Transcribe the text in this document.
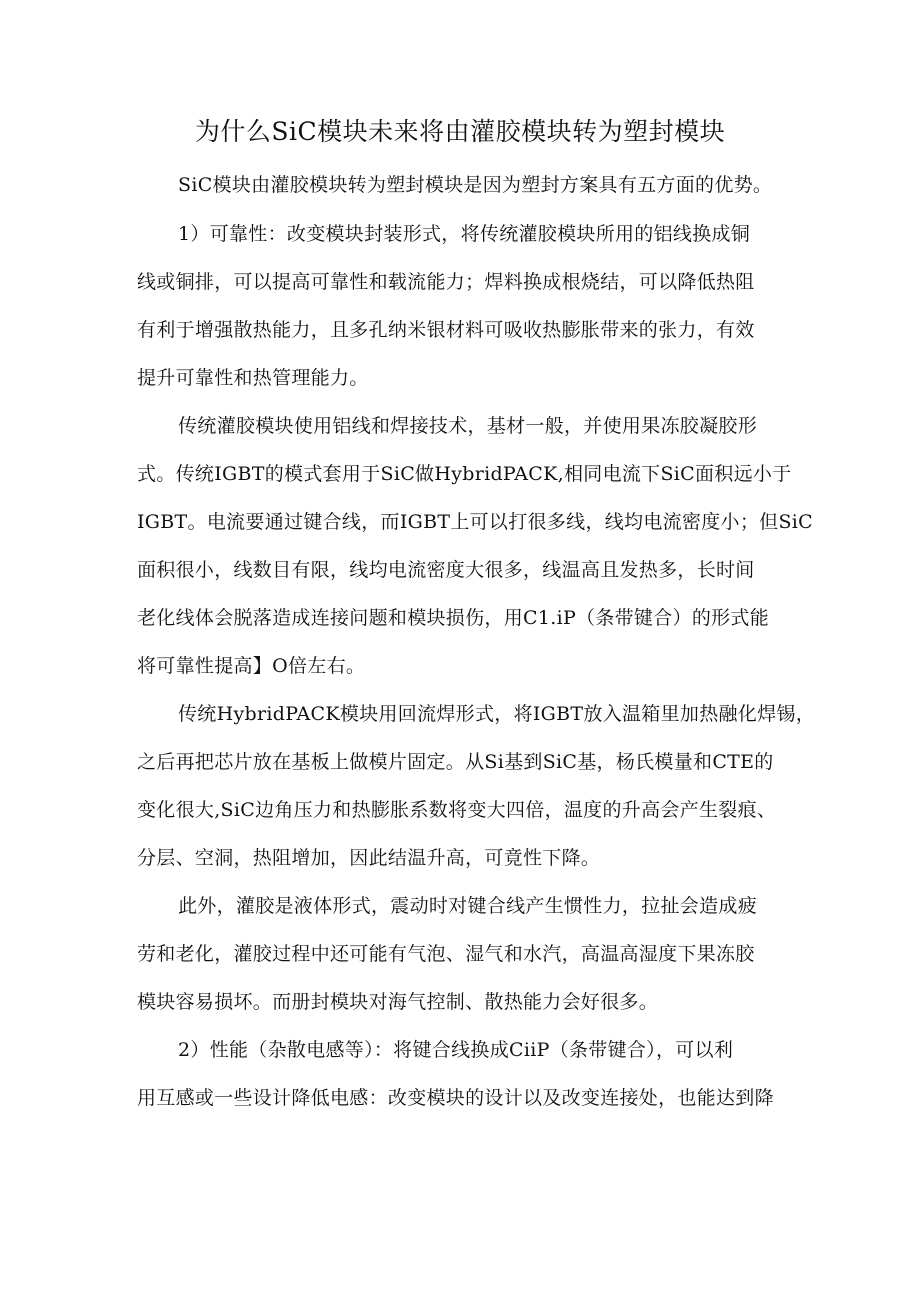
为什么SiC模块未来将由灌胶模块转为塑封模块
SiC模块由灌胶模块转为塑封模块是因为塑封方案具有五方面的优势。
1）可靠性：改变模块封装形式，将传统灌胶模块所用的铝线换成铜
线或铜排，可以提高可靠性和载流能力；焊料换成根烧结，可以降低热阻
有利于增强散热能力，且多孔纳米银材料可吸收热膨胀带来的张力，有效
提升可靠性和热管理能力。
传统灌胶模块使用铝线和焊接技术，基材一般，并使用果冻胶凝胶形
式。传统IGBT的模式套用于SiC做HybridPACK,相同电流下SiC面积远小于
IGBT。电流要通过键合线，而IGBT上可以打很多线，线均电流密度小；但SiC
面积很小，线数目有限，线均电流密度大很多，线温高且发热多，长时间
老化线体会脱落造成连接问题和模块损伤，用C1.iP（条带键合）的形式能
将可靠性提高】O倍左右。
传统HybridPACK模块用回流焊形式，将IGBT放入温箱里加热融化焊锡，
之后再把芯片放在基板上做模片固定。从Si基到SiC基，杨氏模量和CTE的
变化很大,SiC边角压力和热膨胀系数将变大四倍，温度的升高会产生裂痕、
分层、空洞，热阻增加，因此结温升高，可竟性下降。
此外，灌胶是液体形式，震动时对键合线产生惯性力，拉扯会造成疲
劳和老化，灌胶过程中还可能有气泡、湿气和水汽，高温高湿度下果冻胶
模块容易损坏。而册封模块对海气控制、散热能力会好很多。
2）性能（杂散电感等）：将键合线换成CiiP（条带键合），可以利
用互感或一些设计降低电感：改变模块的设计以及改变连接处，也能达到降
